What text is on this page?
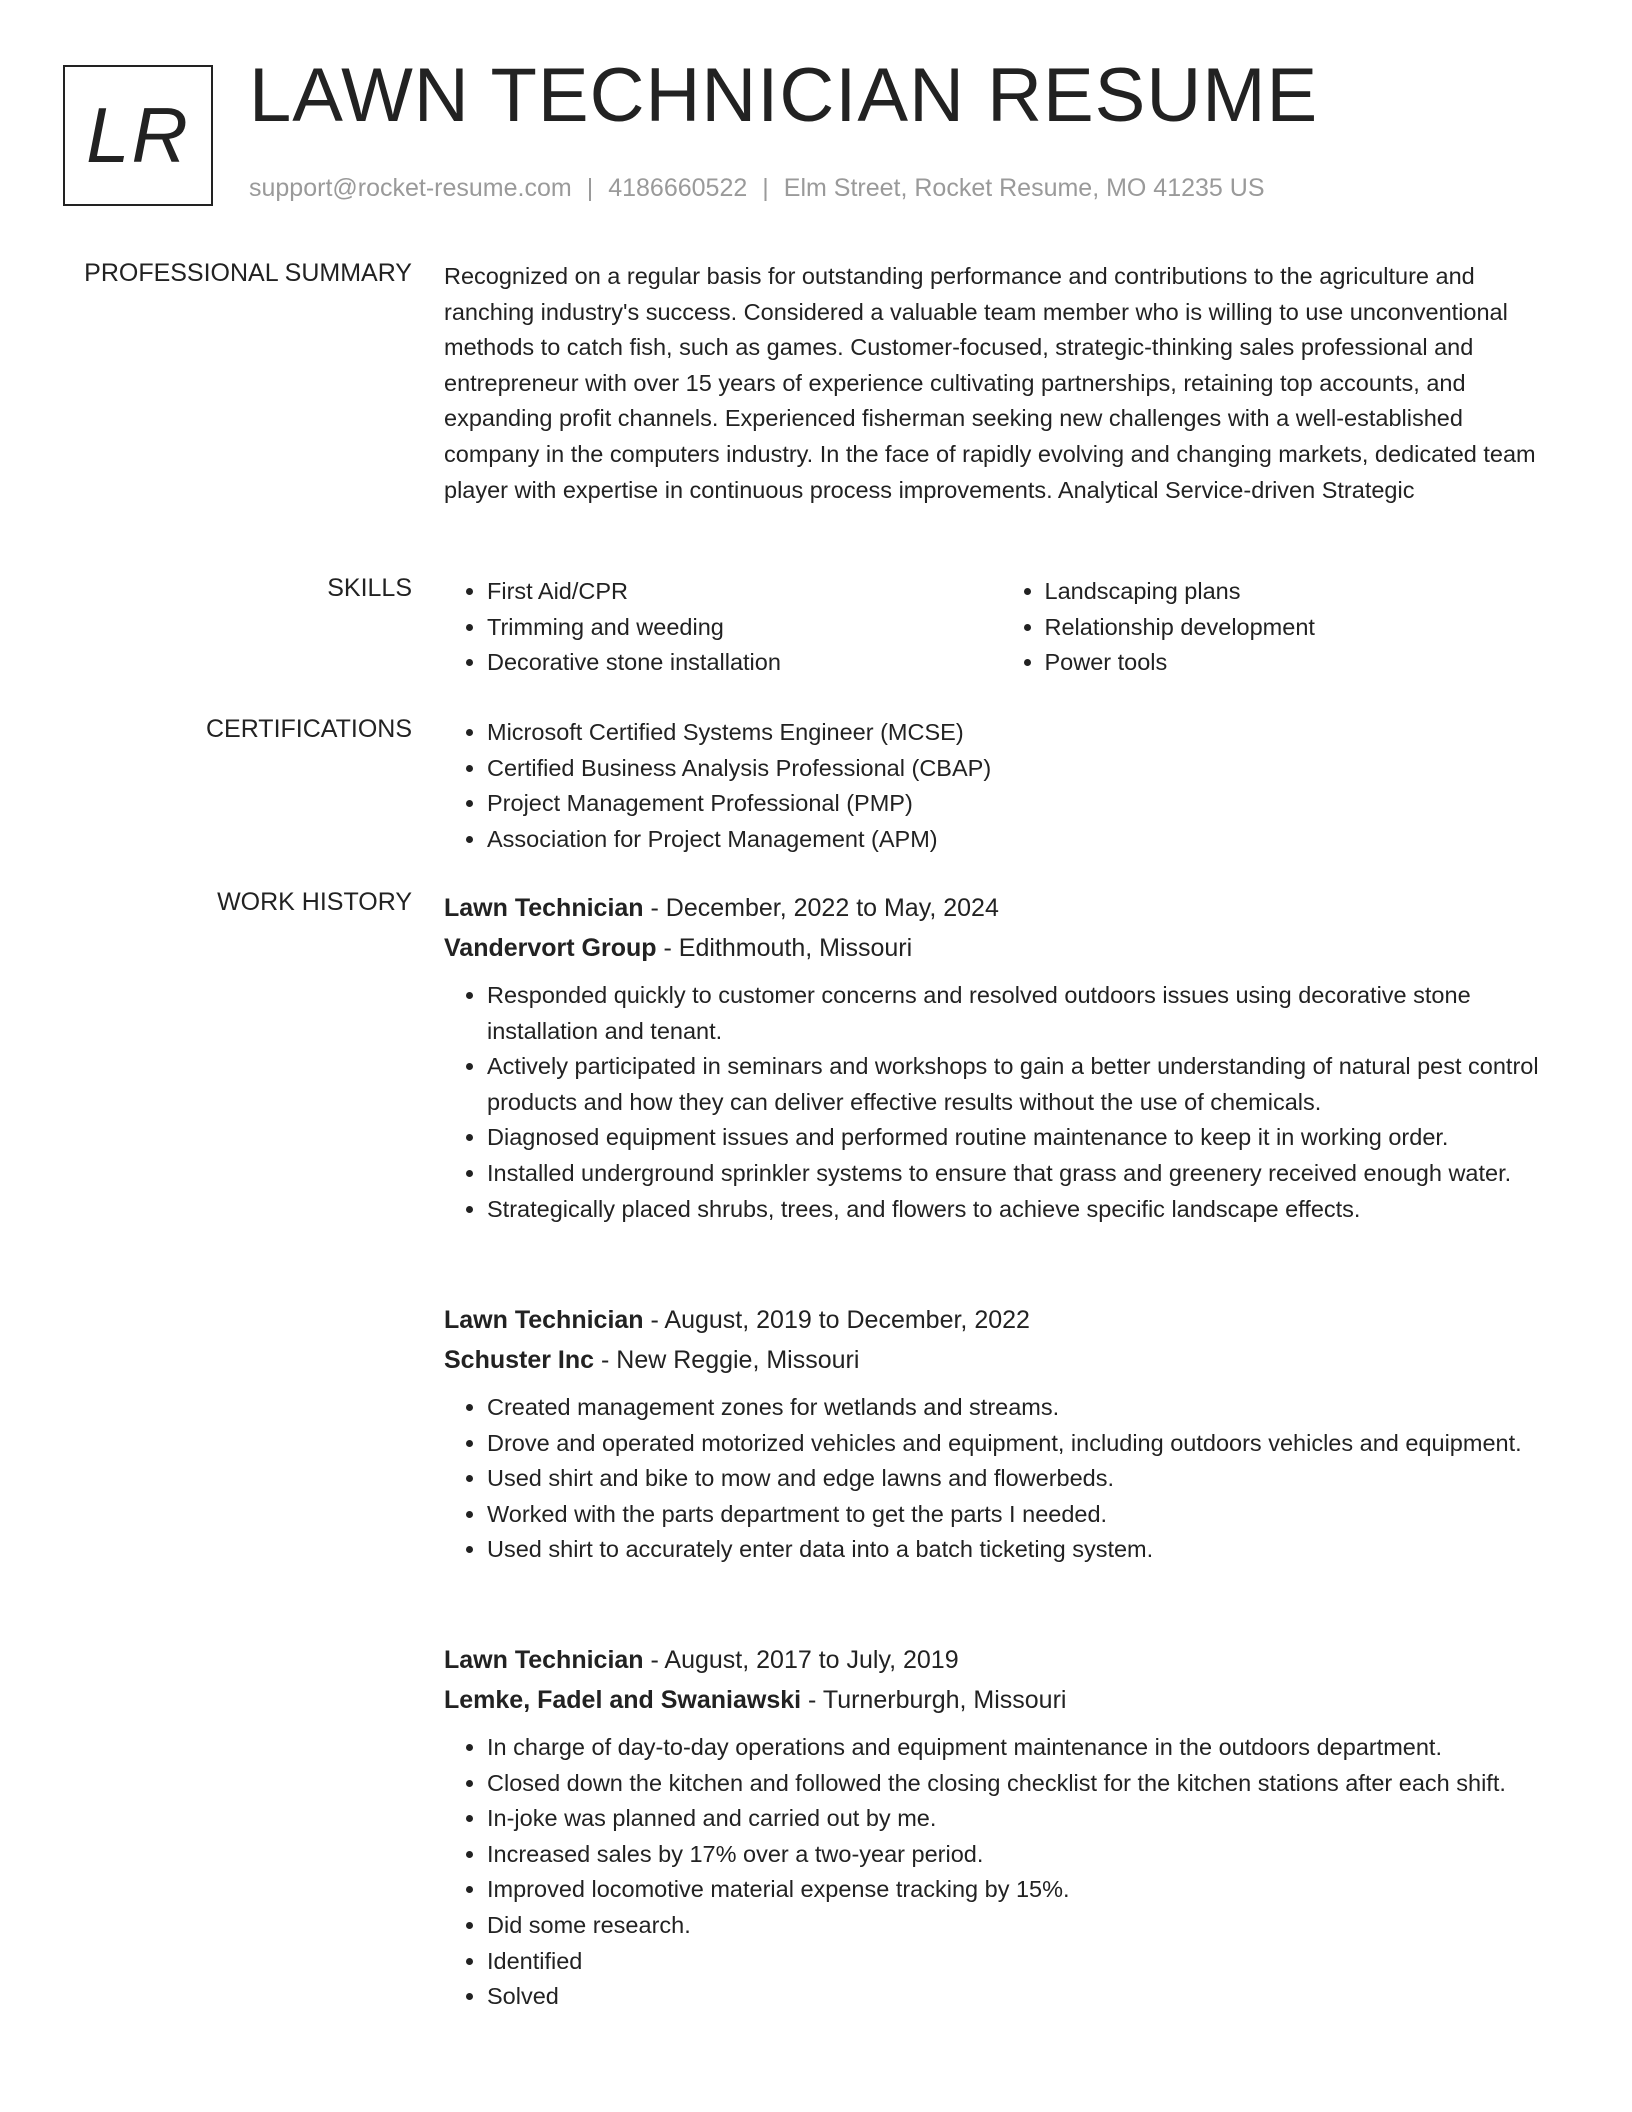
LR LAWN TECHNICIAN RESUME
support@rocket-resume.com | 4186660522 | Elm Street, Rocket Resume, MO 41235 US
PROFESSIONAL SUMMARY Recognized on a regular basis for outstanding performance and contributions to the agriculture and ranching industry's success. Considered a valuable team member who is willing to use unconventional methods to catch fish, such as games. Customer-focused, strategic-thinking sales professional and entrepreneur with over 15 years of experience cultivating partnerships, retaining top accounts, and expanding profit channels. Experienced fisherman seeking new challenges with a well-established company in the computers industry. In the face of rapidly evolving and changing markets, dedicated team player with expertise in continuous process improvements. Analytical Service-driven Strategic

SKILLS	• First Aid/CPR
• Trimming and weeding
• Decorative stone installation
• Landscaping plans
• Relationship development
• Power tools
CERTIFICATIONS	• Microsoft Certified Systems Engineer (MCSE)
• Certified Business Analysis Professional (CBAP)
• Project Management Professional (PMP)
• Association for Project Management (APM)
WORK HISTORY Lawn Technician - December, 2022 to May, 2024
Vandervort Group - Edithmouth, Missouri
• Responded quickly to customer concerns and resolved outdoors issues using decorative stone installation and tenant.
• Actively participated in seminars and workshops to gain a better understanding of natural pest control products and how they can deliver effective results without the use of chemicals.
• Diagnosed equipment issues and performed routine maintenance to keep it in working order.
• Installed underground sprinkler systems to ensure that grass and greenery received enough water.
• Strategically placed shrubs, trees, and flowers to achieve specific landscape effects.
Lawn Technician - August, 2019 to December, 2022
Schuster Inc - New Reggie, Missouri
• Created management zones for wetlands and streams.
• Drove and operated motorized vehicles and equipment, including outdoors vehicles and equipment.
• Used shirt and bike to mow and edge lawns and flowerbeds.
• Worked with the parts department to get the parts I needed.
• Used shirt to accurately enter data into a batch ticketing system.
Lawn Technician - August, 2017 to July, 2019
Lemke, Fadel and Swaniawski - Turnerburgh, Missouri
• In charge of day-to-day operations and equipment maintenance in the outdoors department.
• Closed down the kitchen and followed the closing checklist for the kitchen stations after each shift.
• In-joke was planned and carried out by me.
• Increased sales by 17% over a two-year period.
• Improved locomotive material expense tracking by 15%.
• Did some research.
• Identified
• Solved
